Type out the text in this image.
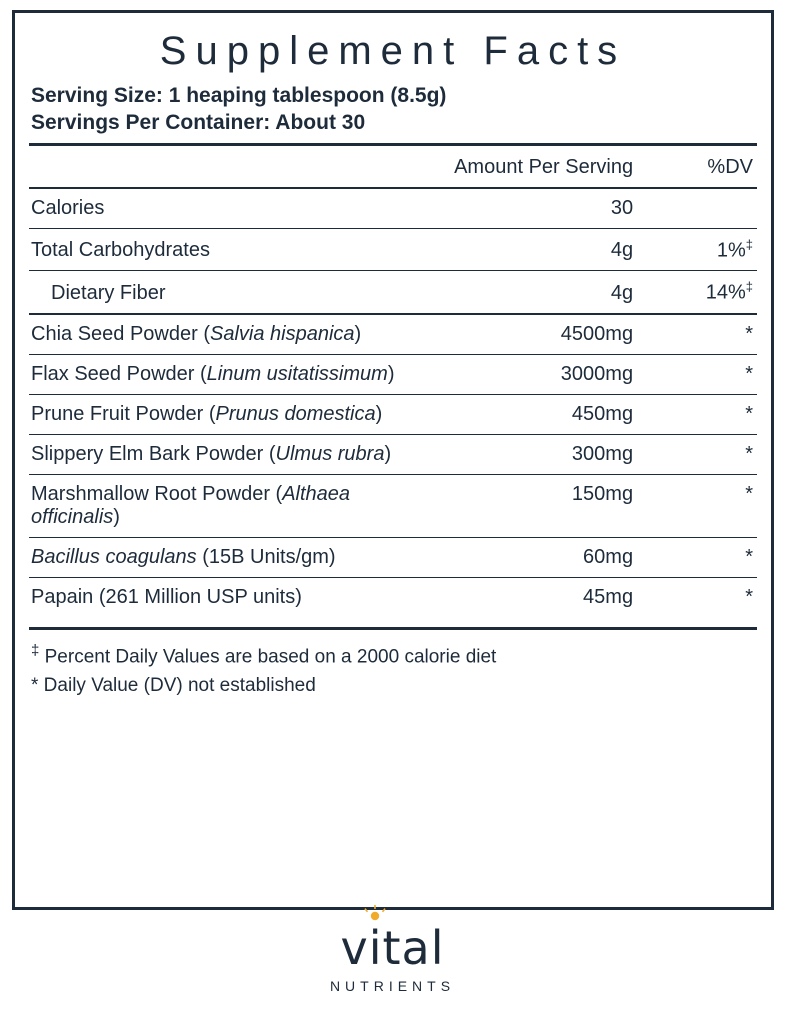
Supplement Facts
Serving Size: 1 heaping tablespoon (8.5g)
Servings Per Container: About 30
	Amount Per Serving	%DV
Calories	30	
Total Carbohydrates	4g	1%‡
Dietary Fiber	4g	14%‡
Chia Seed Powder (Salvia hispanica)	4500mg	*
Flax Seed Powder (Linum usitatissimum)	3000mg	*
Prune Fruit Powder (Prunus domestica)	450mg	*
Slippery Elm Bark Powder (Ulmus rubra)	300mg	*
Marshmallow Root Powder (Althaea officinalis)	150mg	*
Bacillus coagulans (15B Units/gm)	60mg	*
Papain (261 Million USP units)	45mg	*
‡ Percent Daily Values are based on a 2000 calorie diet
* Daily Value (DV) not established
vital
NUTRIENTS
